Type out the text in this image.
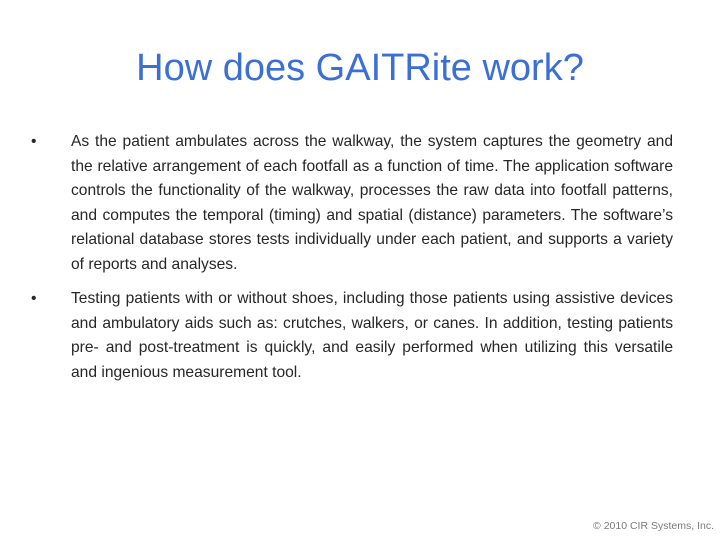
How does GAITRite work?
• As the patient ambulates across the walkway, the system captures the geometry and the relative arrangement of each footfall as a function of time. The application software controls the functionality of the walkway, processes the raw data into footfall patterns, and computes the temporal (timing) and spatial (distance) parameters. The software’s relational database stores tests individually under each patient, and supports a variety of reports and analyses.
• Testing patients with or without shoes, including those patients using assistive devices and ambulatory aids such as: crutches, walkers, or canes. In addition, testing patients pre- and post-treatment is quickly, and easily performed when utilizing this versatile and ingenious measurement tool.
© 2010 CIR Systems, Inc.
